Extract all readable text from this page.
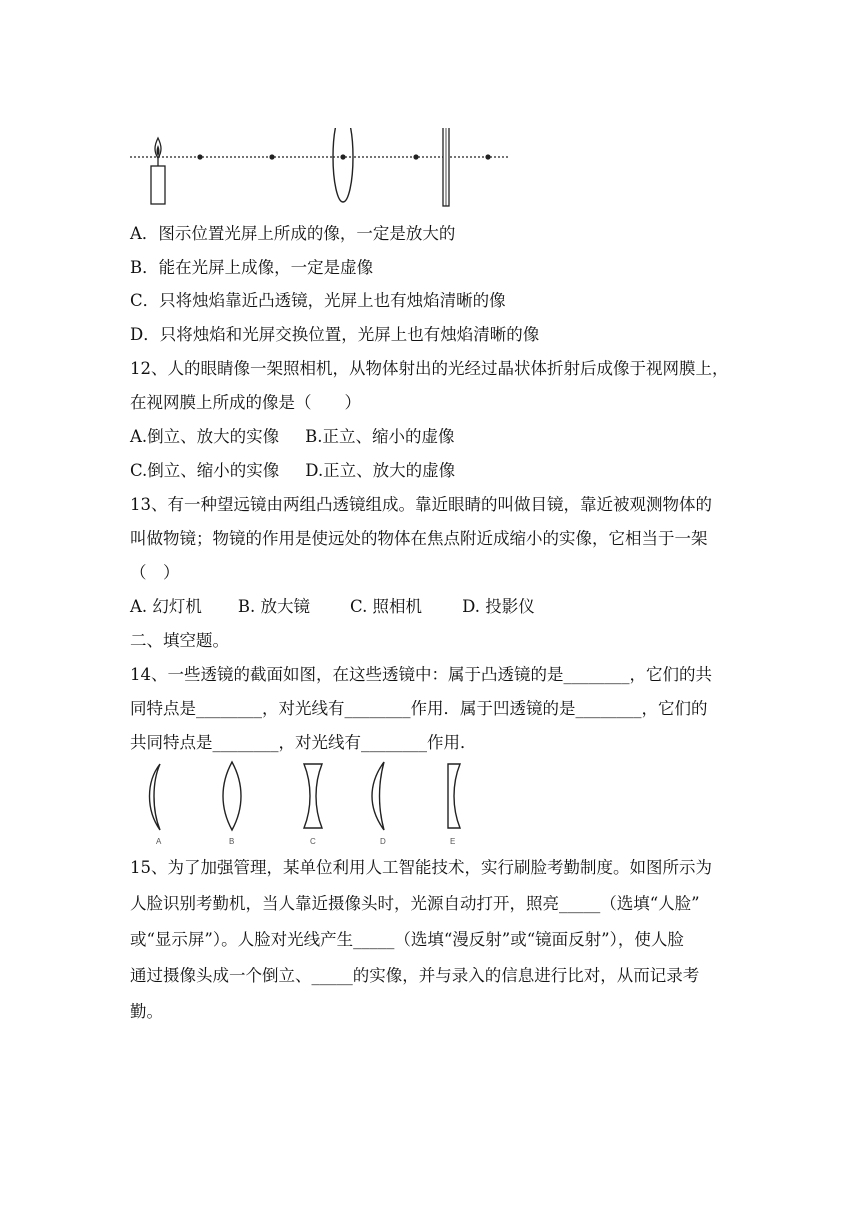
A．图示位置光屏上所成的像，一定是放大的
B．能在光屏上成像，一定是虚像
C．只将烛焰靠近凸透镜，光屏上也有烛焰清晰的像
D．只将烛焰和光屏交换位置，光屏上也有烛焰清晰的像
12、人的眼睛像一架照相机，从物体射出的光经过晶状体折射后成像于视网膜上，
在视网膜上所成的像是（　　）
A.倒立、放大的实像 B.正立、缩小的虚像
C.倒立、缩小的实像 D.正立、放大的虚像
13、有一种望远镜由两组凸透镜组成。靠近眼睛的叫做目镜，靠近被观测物体的
叫做物镜；物镜的作用是使远处的物体在焦点附近成缩小的实像，它相当于一架
（　）
A. 幻灯机 B. 放大镜 C. 照相机 D. 投影仪
二、填空题。
14、一些透镜的截面如图，在这些透镜中：属于凸透镜的是________，它们的共
同特点是________，对光线有________作用．属于凹透镜的是________，它们的
共同特点是________，对光线有________作用．
A	B	C	D	E
15、为了加强管理，某单位利用人工智能技术，实行刷脸考勤制度。如图所示为
人脸识别考勤机，当人靠近摄像头时，光源自动打开，照亮_____（选填“人脸”
或“显示屏”）。人脸对光线产生_____（选填“漫反射”或“镜面反射”），使人脸
通过摄像头成一个倒立、_____的实像，并与录入的信息进行比对，从而记录考
勤。
